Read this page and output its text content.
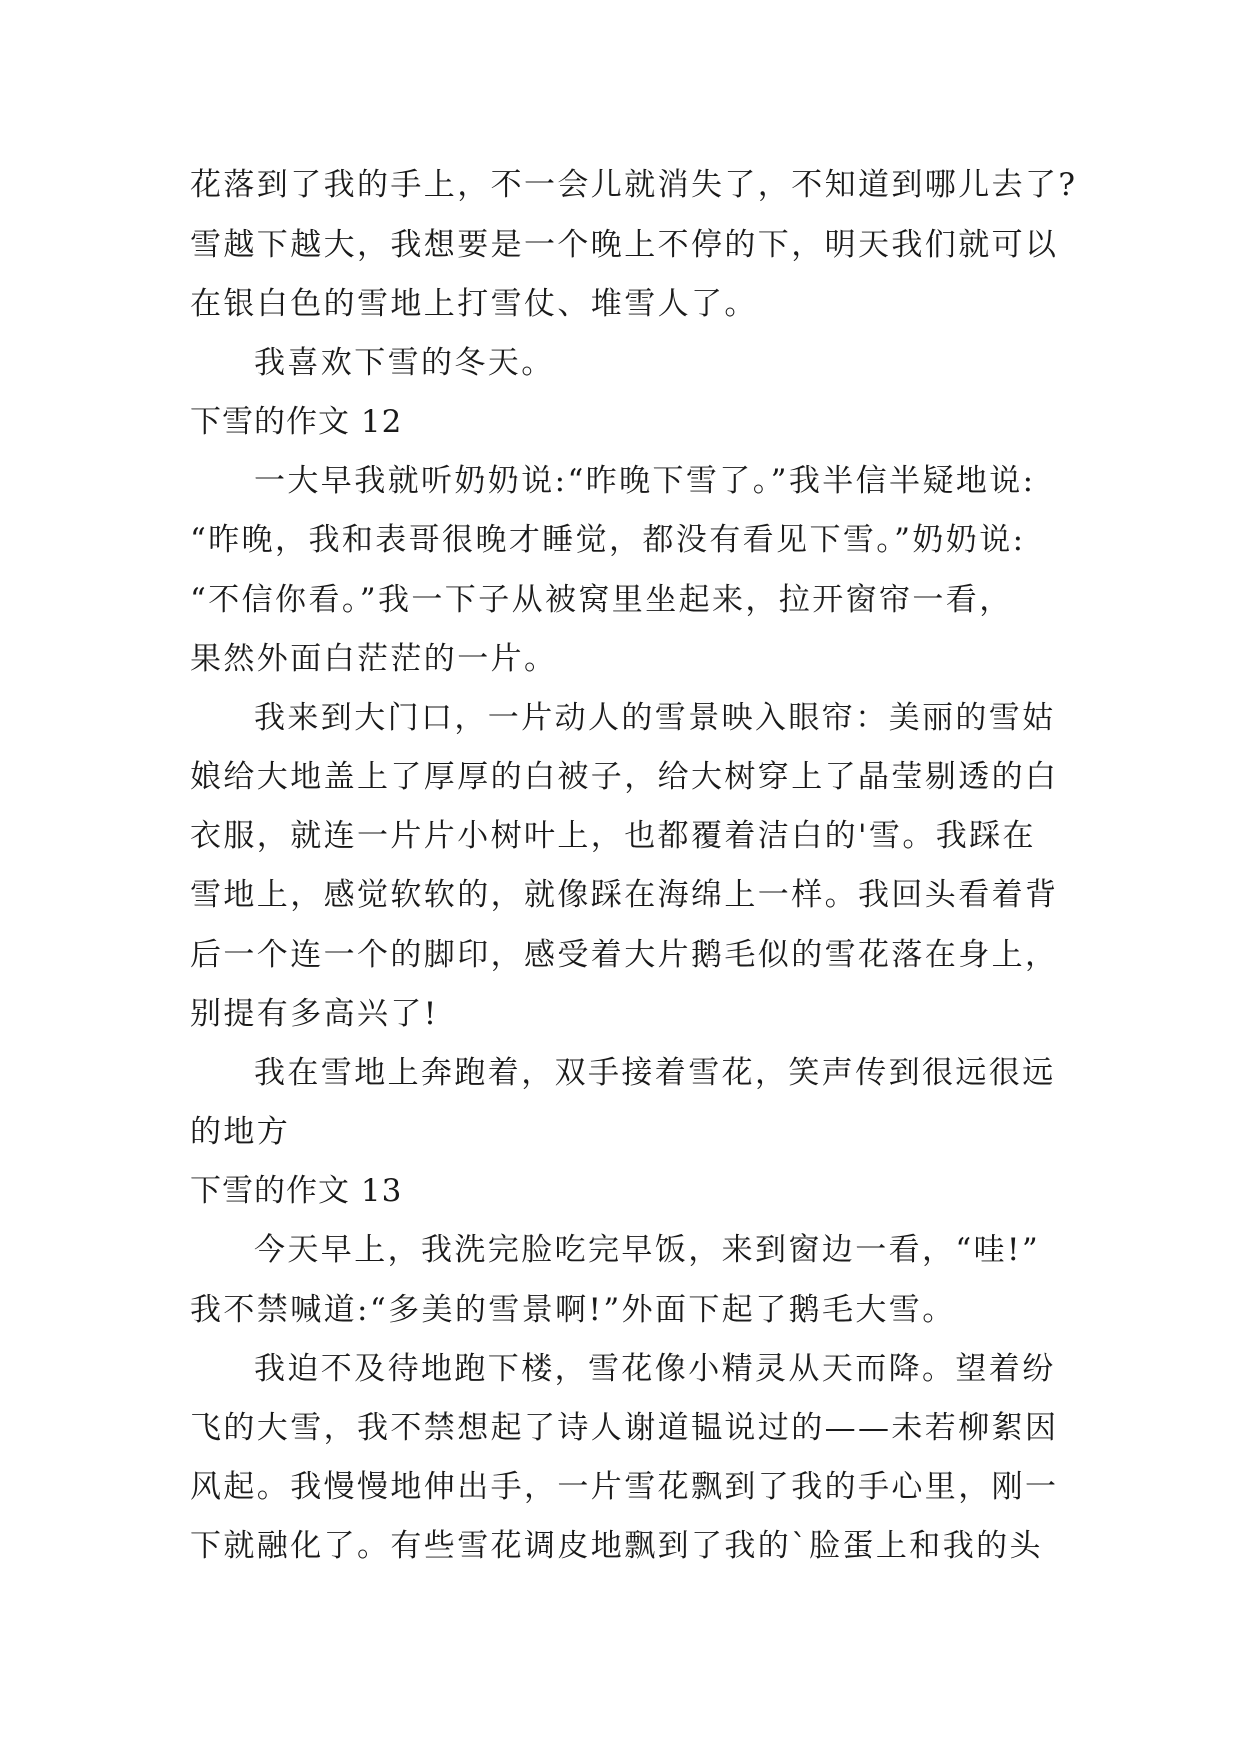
花落到了我的手上，不一会儿就消失了，不知道到哪儿去了?
雪越下越大，我想要是一个晚上不停的下，明天我们就可以
在银白色的雪地上打雪仗、堆雪人了。
我喜欢下雪的冬天。
下雪的作文 12
一大早我就听奶奶说:“昨晚下雪了。”我半信半疑地说:
“昨晚，我和表哥很晚才睡觉，都没有看见下雪。”奶奶说:
“不信你看。”我一下子从被窝里坐起来，拉开窗帘一看，
果然外面白茫茫的一片。
我来到大门口，一片动人的雪景映入眼帘：美丽的雪姑
娘给大地盖上了厚厚的白被子，给大树穿上了晶莹剔透的白
衣服，就连一片片小树叶上，也都覆着洁白的'雪。我踩在
雪地上，感觉软软的，就像踩在海绵上一样。我回头看着背
后一个连一个的脚印，感受着大片鹅毛似的雪花落在身上，
别提有多高兴了!
我在雪地上奔跑着，双手接着雪花，笑声传到很远很远
的地方
下雪的作文 13
今天早上，我洗完脸吃完早饭，来到窗边一看，“哇!”
我不禁喊道:“多美的雪景啊!”外面下起了鹅毛大雪。
我迫不及待地跑下楼，雪花像小精灵从天而降。望着纷
飞的大雪，我不禁想起了诗人谢道韫说过的——未若柳絮因
风起。我慢慢地伸出手，一片雪花飘到了我的手心里，刚一
下就融化了。有些雪花调皮地飘到了我的`脸蛋上和我的头
